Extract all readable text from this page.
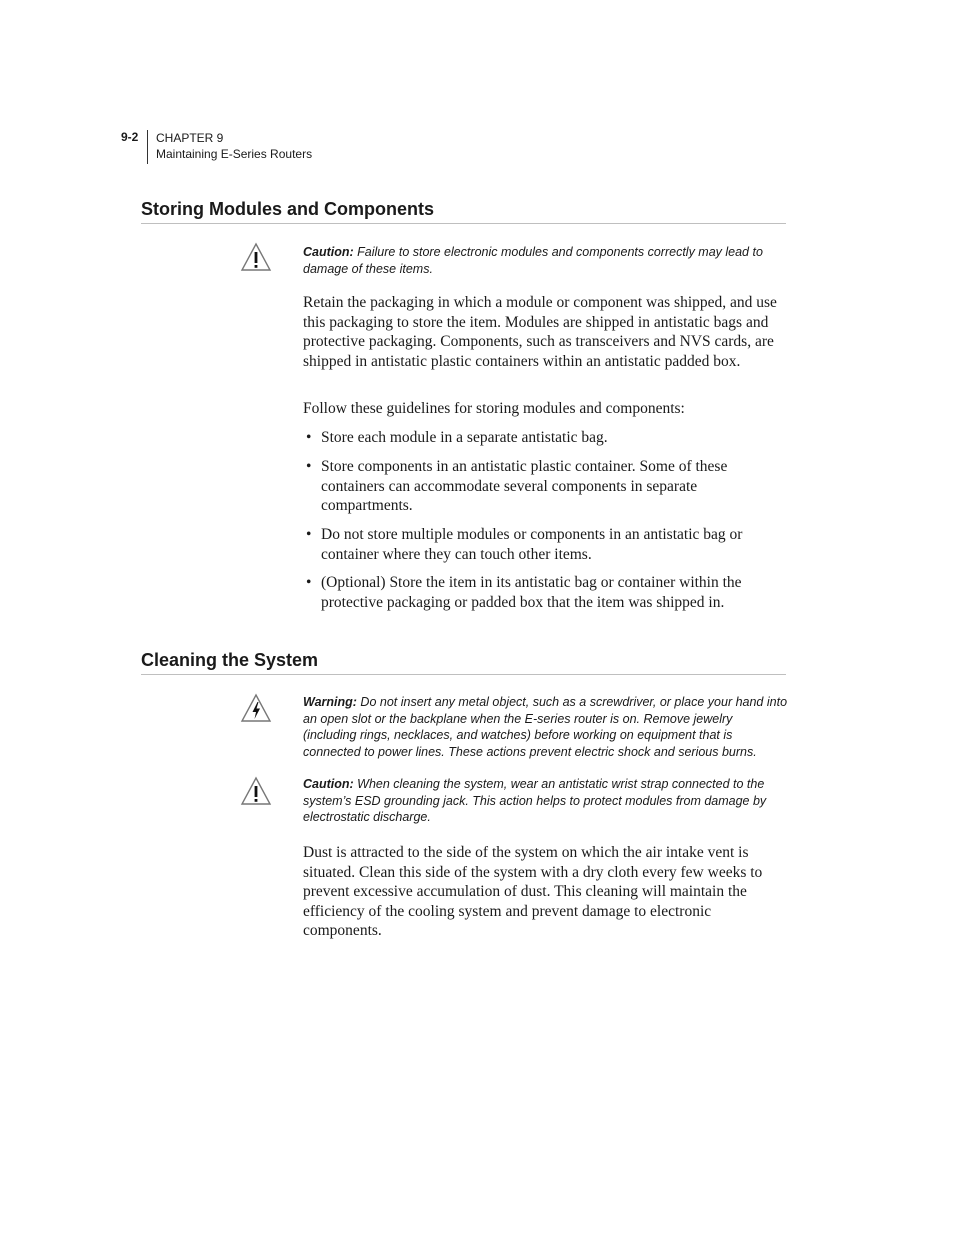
9-2	CHAPTER 9
Maintaining E-Series Routers
Storing Modules and Components

Caution: Failure to store electronic modules and components correctly may lead to damage of these items.

Retain the packaging in which a module or component was shipped, and use this packaging to store the item. Modules are shipped in antistatic bags and protective packaging. Components, such as transceivers and NVS cards, are shipped in antistatic plastic containers within an antistatic padded box.

Follow these guidelines for storing modules and components:

• Store each module in a separate antistatic bag.
• Store components in an antistatic plastic container. Some of these containers can accommodate several components in separate compartments.
• Do not store multiple modules or components in an antistatic bag or container where they can touch other items.
• (Optional) Store the item in its antistatic bag or container within the protective packaging or padded box that the item was shipped in.
Cleaning the System

Warning: Do not insert any metal object, such as a screwdriver, or place your hand into an open slot or the backplane when the E-series router is on. Remove jewelry (including rings, necklaces, and watches) before working on equipment that is connected to power lines. These actions prevent electric shock and serious burns.

Caution: When cleaning the system, wear an antistatic wrist strap connected to the system’s ESD grounding jack. This action helps to protect modules from damage by electrostatic discharge.

Dust is attracted to the side of the system on which the air intake vent is situated. Clean this side of the system with a dry cloth every few weeks to prevent excessive accumulation of dust. This cleaning will maintain the efficiency of the cooling system and prevent damage to electronic components.
